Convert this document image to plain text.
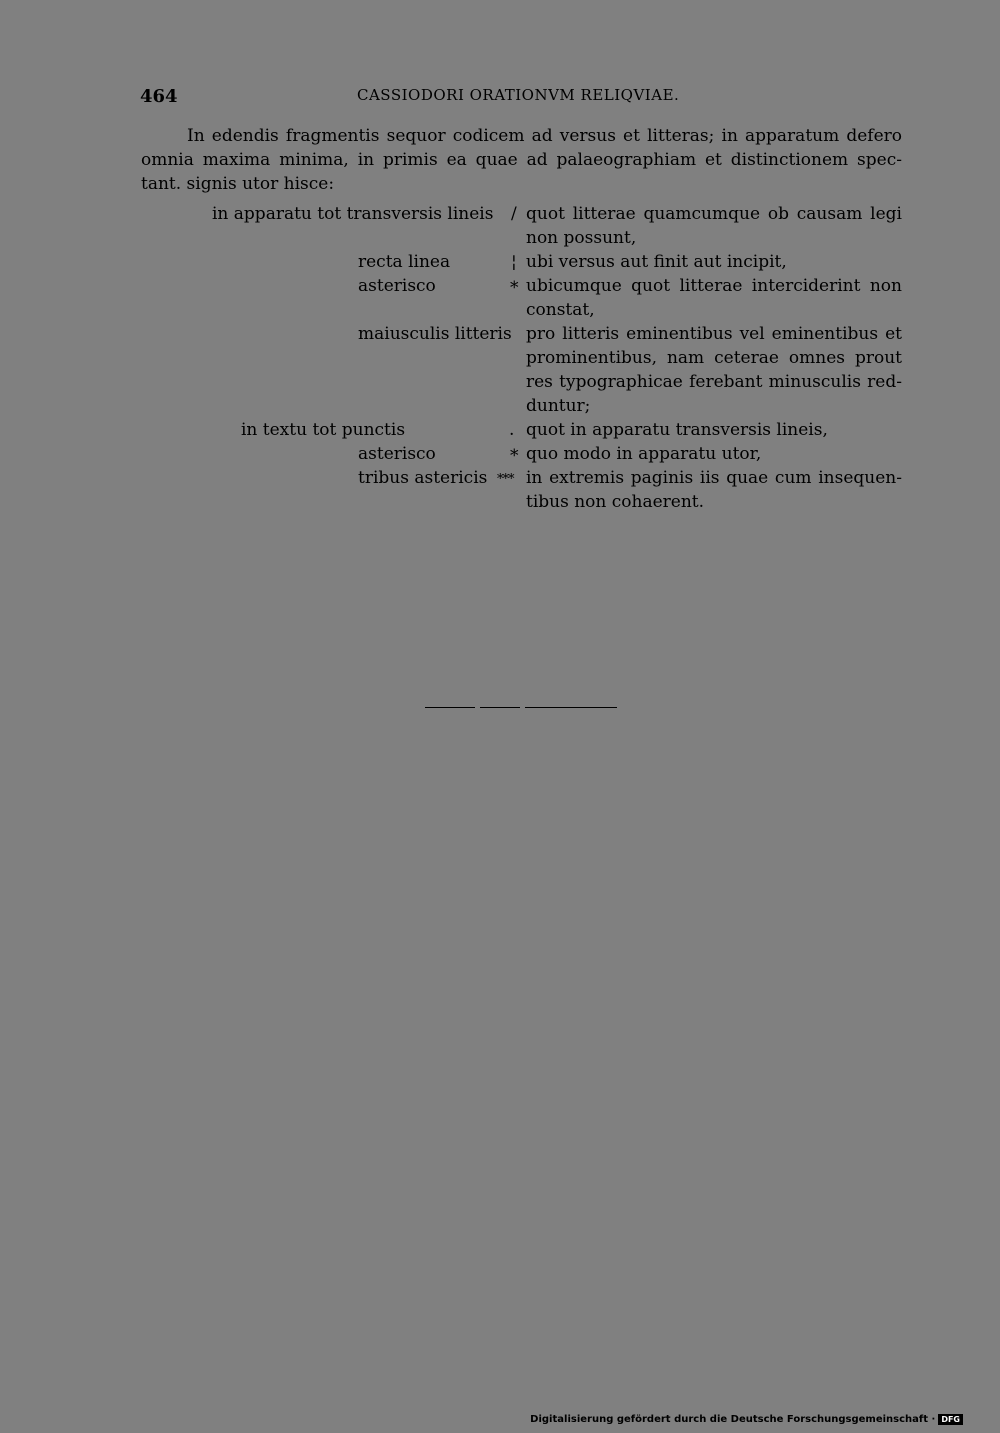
464	CASSIODORI ORATIONVM RELIQVIAE.
In edendis fragmentis sequor codicem ad versus et litteras; in apparatum defero
omnia maxima minima, in primis ea quae ad palaeographiam et distinctionem spec-
tant. signis utor hisce:
in apparatu tot transversis lineis / quot litterae quamcumque ob causam legi
non possunt,
recta linea	¦ ubi versus aut finit aut incipit,
asterisco	* ubicumque quot litterae interciderint non
constat,
maiusculis litteris pro litteris eminentibus vel eminentibus et
prominentibus, nam ceterae omnes prout
res typographicae ferebant minusculis red-
duntur;
in textu tot punctis	. quot in apparatu transversis lineis,
asterisco	* quo modo in apparatu utor,
tribus astericis *** in extremis paginis iis quae cum insequen-
tibus non cohaerent.
Digitalisierung gefördert durch die Deutsche Forschungsgemeinschaft · DFG
